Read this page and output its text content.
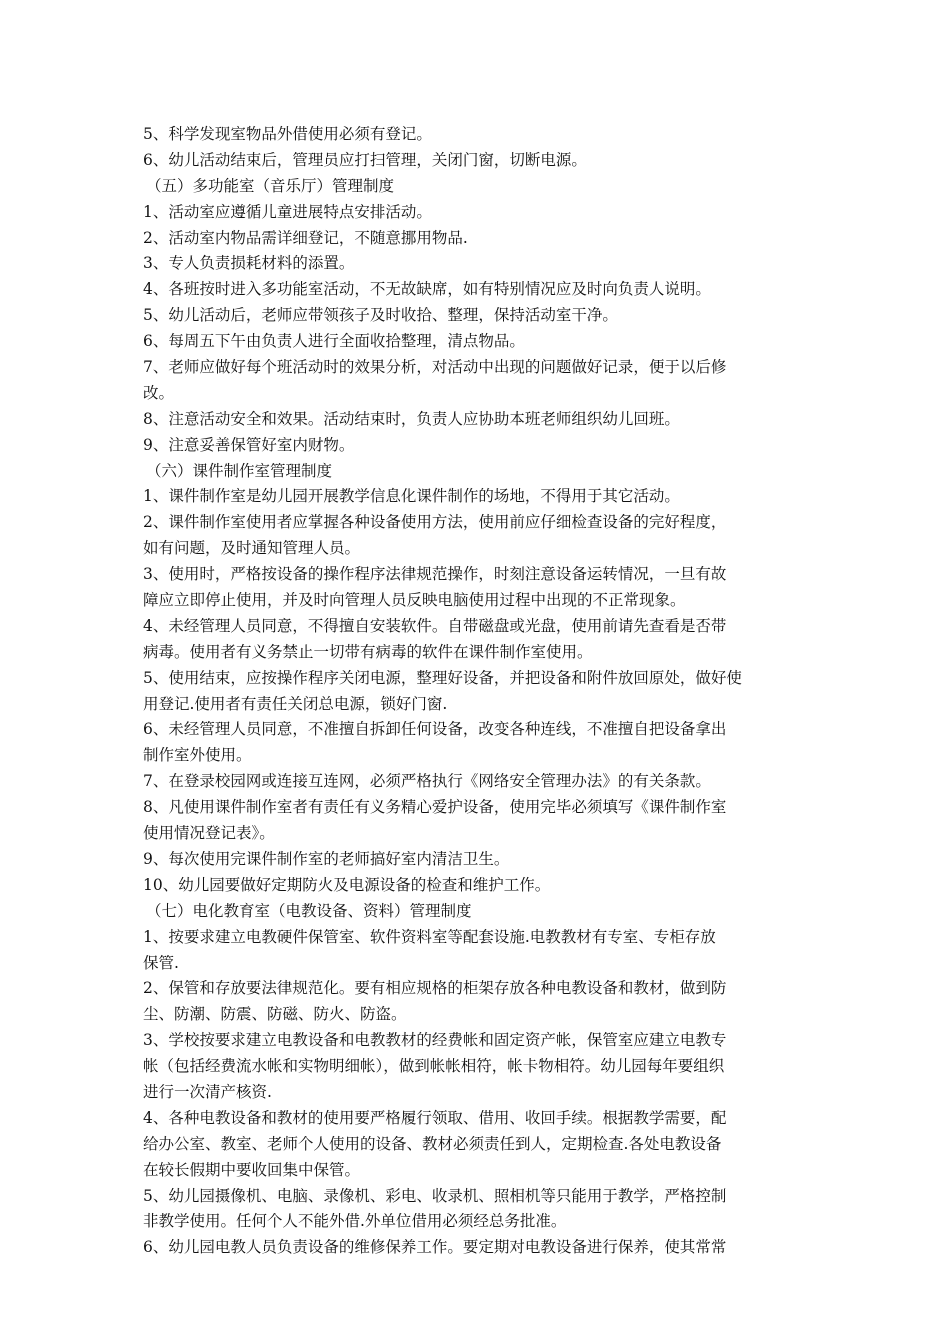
5、科学发现室物品外借使用必须有登记。
6、幼儿活动结束后，管理员应打扫管理，关闭门窗，切断电源。
（五）多功能室（音乐厅）管理制度
1、活动室应遵循儿童进展特点安排活动。
2、活动室内物品需详细登记，不随意挪用物品.
3、专人负责损耗材料的添置。
4、各班按时进入多功能室活动，不无故缺席，如有特别情况应及时向负责人说明。
5、幼儿活动后，老师应带领孩子及时收拾、整理，保持活动室干净。
6、每周五下午由负责人进行全面收拾整理，清点物品。
7、老师应做好每个班活动时的效果分析，对活动中出现的问题做好记录，便于以后修
改。
8、注意活动安全和效果。活动结束时，负责人应协助本班老师组织幼儿回班。
9、注意妥善保管好室内财物。
（六）课件制作室管理制度
1、课件制作室是幼儿园开展教学信息化课件制作的场地，不得用于其它活动。
2、课件制作室使用者应掌握各种设备使用方法，使用前应仔细检查设备的完好程度，
如有问题，及时通知管理人员。
3、使用时，严格按设备的操作程序法律规范操作，时刻注意设备运转情况，一旦有故
障应立即停止使用，并及时向管理人员反映电脑使用过程中出现的不正常现象。
4、未经管理人员同意，不得擅自安装软件。自带磁盘或光盘，使用前请先查看是否带
病毒。使用者有义务禁止一切带有病毒的软件在课件制作室使用。
5、使用结束，应按操作程序关闭电源，整理好设备，并把设备和附件放回原处，做好使
用登记.使用者有责任关闭总电源，锁好门窗.
6、未经管理人员同意，不准擅自拆卸任何设备，改变各种连线，不准擅自把设备拿出
制作室外使用。
7、在登录校园网或连接互连网，必须严格执行《网络安全管理办法》的有关条款。
8、凡使用课件制作室者有责任有义务精心爱护设备，使用完毕必须填写《课件制作室
使用情况登记表》。
9、每次使用完课件制作室的老师搞好室内清洁卫生。
10、幼儿园要做好定期防火及电源设备的检查和维护工作。
（七）电化教育室（电教设备、资料）管理制度
1、按要求建立电教硬件保管室、软件资料室等配套设施.电教教材有专室、专柜存放
保管.
2、保管和存放要法律规范化。要有相应规格的柜架存放各种电教设备和教材，做到防
尘、防潮、防震、防磁、防火、防盗。
3、学校按要求建立电教设备和电教教材的经费帐和固定资产帐，保管室应建立电教专
帐（包括经费流水帐和实物明细帐），做到帐帐相符，帐卡物相符。幼儿园每年要组织
进行一次清产核资.
4、各种电教设备和教材的使用要严格履行领取、借用、收回手续。根据教学需要，配
给办公室、教室、老师个人使用的设备、教材必须责任到人，定期检查.各处电教设备
在较长假期中要收回集中保管。
5、幼儿园摄像机、电脑、录像机、彩电、收录机、照相机等只能用于教学，严格控制
非教学使用。任何个人不能外借.外单位借用必须经总务批准。
6、幼儿园电教人员负责设备的维修保养工作。要定期对电教设备进行保养，使其常常
